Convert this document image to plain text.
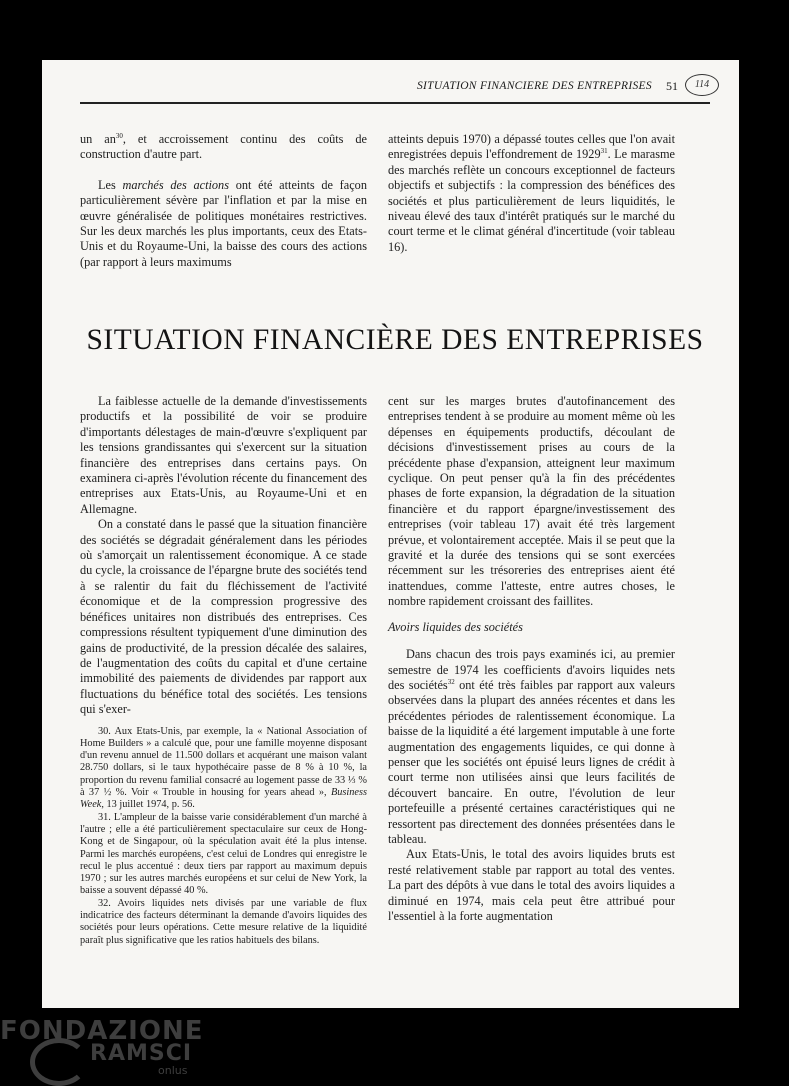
SITUATION FINANCIERE DES ENTREPRISES 51	114

un $an^{30}$, et accroissement continu des coûts de construction d'autre part.

Les marchés des actions ont été atteints de façon particulièrement sévère par l'inflation et par la mise en œuvre généralisée de politiques monétaires restrictives. Sur les deux marchés les plus importants, ceux des Etats-Unis et du Royaume-Uni, la baisse des cours des actions (par rapport à leurs maximums

atteints depuis 1970) a dépassé toutes celles que l'on avait enregistrées depuis l'effondrement de 1929$^{31}$. Le marasme des marchés reflète un concours exceptionnel de facteurs objectifs et subjectifs : la compression des bénéfices des sociétés et plus particulièrement de leurs liquidités, le niveau élevé des taux d'intérêt pratiqués sur le marché du court terme et le climat général d'incertitude (voir tableau 16).

SITUATION FINANCIÈRE DES ENTREPRISES

La faiblesse actuelle de la demande d'investissements productifs et la possibilité de voir se produire d'importants délestages de main-d'œuvre s'expliquent par les tensions grandissantes qui s'exercent sur la situation financière des entreprises dans certains pays. On examinera ci-après l'évolution récente du financement des entreprises aux Etats-Unis, au Royaume-Uni et en Allemagne.

On a constaté dans le passé que la situation financière des sociétés se dégradait généralement dans les périodes où s'amorçait un ralentissement économique. A ce stade du cycle, la croissance de l'épargne brute des sociétés tend à se ralentir du fait du fléchissement de l'activité économique et de la compression progressive des bénéfices unitaires non distribués des entreprises. Ces compressions résultent typiquement d'une diminution des gains de productivité, de la pression décalée des salaires, de l'augmentation des coûts du capital et d'une certaine immobilité des paiements de dividendes par rapport aux fluctuations du bénéfice total des sociétés. Les tensions qui s'exer-

30. Aux Etats-Unis, par exemple, la « National Association of Home Builders » a calculé que, pour une famille moyenne disposant d'un revenu annuel de 11.500 dollars et acquérant une maison valant 28.750 dollars, si le taux hypothécaire passe de 8 % à 10 %, la proportion du revenu familial consacré au logement passe de 33 ⅓ % à 37 ½ %. Voir « Trouble in housing for years ahead », Business Week, 13 juillet 1974, p. 56.

31. L'ampleur de la baisse varie considérablement d'un marché à l'autre ; elle a été particulièrement spectaculaire sur ceux de Hong-Kong et de Singapour, où la spéculation avait été la plus intense. Parmi les marchés européens, c'est celui de Londres qui enregistre le recul le plus accentué : deux tiers par rapport au maximum depuis 1970 ; sur les autres marchés européens et sur celui de New York, la baisse a souvent dépassé 40 %.

32. Avoirs liquides nets divisés par une variable de flux indicatrice des facteurs déterminant la demande d'avoirs liquides des sociétés pour leurs opérations. Cette mesure relative de la liquidité paraît plus significative que les ratios habituels des bilans.

cent sur les marges brutes d'autofinancement des entreprises tendent à se produire au moment même où les dépenses en équipements productifs, découlant de décisions d'investissement prises au cours de la précédente phase d'expansion, atteignent leur maximum cyclique. On peut penser qu'à la fin des précédentes phases de forte expansion, la dégradation de la situation financière et du rapport épargne/investissement des entreprises (voir tableau 17) avait été très largement prévue, et volontairement acceptée. Mais il se peut que la gravité et la durée des tensions qui se sont exercées récemment sur les trésoreries des entreprises aient été inattendues, comme l'atteste, entre autres choses, le nombre rapidement croissant des faillites.

Avoirs liquides des sociétés

Dans chacun des trois pays examinés ici, au premier semestre de 1974 les coefficients d'avoirs liquides nets des sociétés$^{32}$ ont été très faibles par rapport aux valeurs observées dans la plupart des années récentes et dans les précédentes périodes de ralentissement économique. La baisse de la liquidité a été largement imputable à une forte augmentation des engagements liquides, ce qui donne à penser que les sociétés ont épuisé leurs lignes de crédit à court terme non utilisées ainsi que leurs facilités de découvert bancaire. En outre, l'évolution de leur portefeuille a présenté certaines caractéristiques qui ne ressortent pas directement des données présentées dans le tableau.

Aux Etats-Unis, le total des avoirs liquides bruts est resté relativement stable par rapport au total des ventes. La part des dépôts à vue dans le total des avoirs liquides a diminué en 1974, mais cela peut être attribué pour l'essentiel à la forte augmentation

FONDAZIONE
RAMSCI
onlus
